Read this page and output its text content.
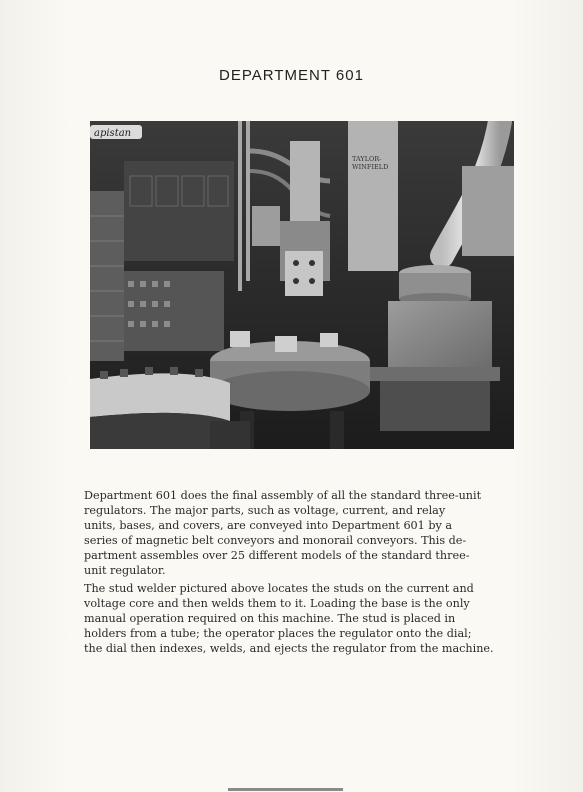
DEPARTMENT 601
apistan
TAYLOR-
WINFIELD
Department 601 does the final assembly of all the standard three-unit
regulators. The major parts, such as voltage, current, and relay
units, bases, and covers, are conveyed into Department 601 by a
series of magnetic belt conveyors and monorail conveyors. This de-
partment assembles over 25 different models of the standard three-
unit regulator.
The stud welder pictured above locates the studs on the current and
voltage core and then welds them to it. Loading the base is the only
manual operation required on this machine. The stud is placed in
holders from a tube; the operator places the regulator onto the dial;
the dial then indexes, welds, and ejects the regulator from the machine.
